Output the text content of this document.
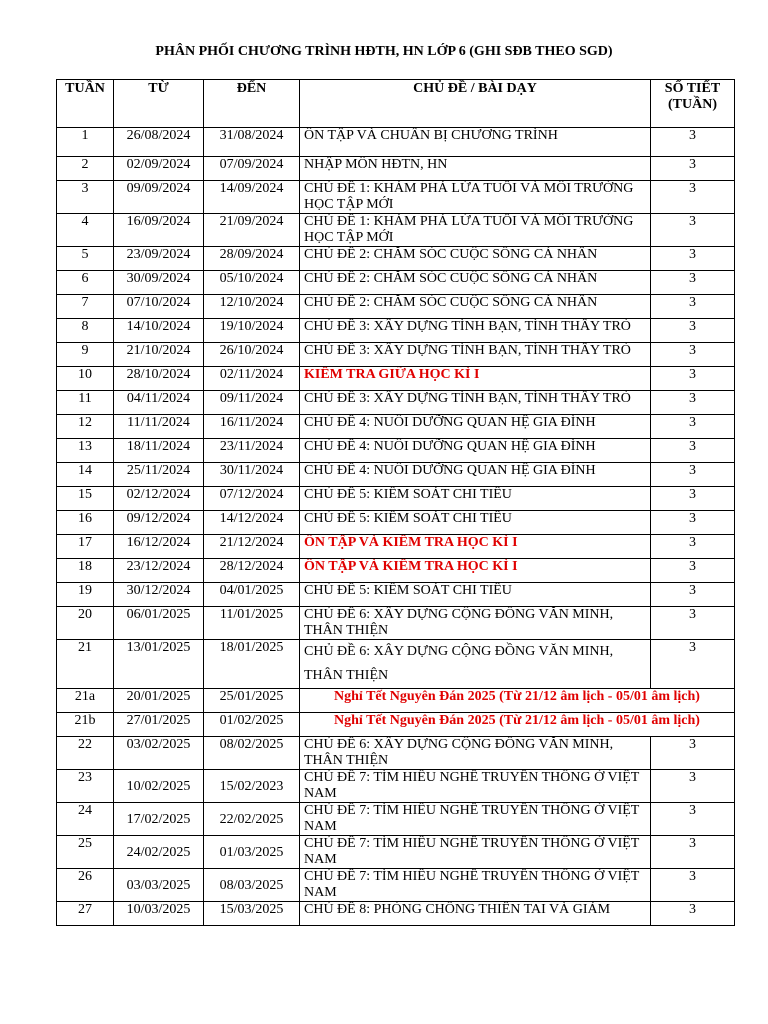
PHÂN PHỐI CHƯƠNG TRÌNH HĐTH, HN LỚP 6 (GHI SĐB THEO SGD)
TUẦN	TỪ	ĐẾN	CHỦ ĐỀ / BÀI DẠY	SỐ TIẾT
(TUẦN)

1	26/08/2024	31/08/2024	ÔN TẬP VÀ CHUẨN BỊ CHƯƠNG TRÌNH	3
2	02/09/2024	07/09/2024	NHẬP MÔN HĐTN, HN	3
3	09/09/2024	14/09/2024	CHỦ ĐỀ 1: KHÁM PHÁ LỨA TUỔI VÀ MÔI TRƯỜNG HỌC TẬP MỚI	3
4	16/09/2024	21/09/2024	CHỦ ĐỀ 1: KHÁM PHÁ LỨA TUỔI VÀ MÔI TRƯỜNG HỌC TẬP MỚI	3
5	23/09/2024	28/09/2024	CHỦ ĐỀ 2: CHĂM SÓC CUỘC SỐNG CÁ NHÂN	3
6	30/09/2024	05/10/2024	CHỦ ĐỀ 2: CHĂM SÓC CUỘC SỐNG CÁ NHÂN	3
7	07/10/2024	12/10/2024	CHỦ ĐỀ 2: CHĂM SÓC CUỘC SỐNG CÁ NHÂN	3
8	14/10/2024	19/10/2024	CHỦ ĐỀ 3: XÂY DỰNG TÌNH BẠN, TÌNH THẦY TRÒ	3
9	21/10/2024	26/10/2024	CHỦ ĐỀ 3: XÂY DỰNG TÌNH BẠN, TÌNH THẦY TRÒ	3
10	28/10/2024	02/11/2024	KIỂM TRA GIỮA HỌC KÌ I	3
11	04/11/2024	09/11/2024	CHỦ ĐỀ 3: XÂY DỰNG TÌNH BẠN, TÌNH THẦY TRÒ	3
12	11/11/2024	16/11/2024	CHỦ ĐỀ 4: NUÔI DƯỠNG QUAN HỆ GIA ĐÌNH	3
13	18/11/2024	23/11/2024	CHỦ ĐỀ 4: NUÔI DƯỠNG QUAN HỆ GIA ĐÌNH	3
14	25/11/2024	30/11/2024	CHỦ ĐỀ 4: NUÔI DƯỠNG QUAN HỆ GIA ĐÌNH	3
15	02/12/2024	07/12/2024	CHỦ ĐỀ 5: KIỂM SOÁT CHI TIÊU	3
16	09/12/2024	14/12/2024	CHỦ ĐỀ 5: KIỂM SOÁT CHI TIÊU	3
17	16/12/2024	21/12/2024	ÔN TẬP VÀ KIỂM TRA HỌC KÌ I	3
18	23/12/2024	28/12/2024	ÔN TẬP VÀ KIỂM TRA HỌC KÌ I	3
19	30/12/2024	04/01/2025	CHỦ ĐỀ 5: KIỂM SOÁT CHI TIÊU	3
20	06/01/2025	11/01/2025	CHỦ ĐỀ 6: XÂY DỰNG CỘNG ĐỒNG VĂN MINH, THÂN THIỆN	3
21	13/01/2025	18/01/2025	CHỦ ĐỀ 6: XÂY DỰNG CỘNG ĐỒNG VĂN MINH, THÂN THIỆN	3
21a	20/01/2025	25/01/2025	Nghỉ Tết Nguyên Đán 2025 (Từ 21/12 âm lịch - 05/01 âm lịch)	
21b	27/01/2025	01/02/2025	Nghỉ Tết Nguyên Đán 2025 (Từ 21/12 âm lịch - 05/01 âm lịch)	
22	03/02/2025	08/02/2025	CHỦ ĐỀ 6: XÂY DỰNG CỘNG ĐỒNG VĂN MINH, THÂN THIỆN	3
23	10/02/2025	15/02/2023	CHỦ ĐỀ 7: TÌM HIỂU NGHỀ TRUYỀN THỐNG Ở VIỆT NAM	3
24	17/02/2025	22/02/2025	CHỦ ĐỀ 7: TÌM HIỂU NGHỀ TRUYỀN THỐNG Ở VIỆT NAM	3
25	24/02/2025	01/03/2025	CHỦ ĐỀ 7: TÌM HIỂU NGHỀ TRUYỀN THỐNG Ở VIỆT NAM	3
26	03/03/2025	08/03/2025	CHỦ ĐỀ 7: TÌM HIỂU NGHỀ TRUYỀN THỐNG Ở VIỆT NAM	3
27	10/03/2025	15/03/2025	CHỦ ĐỀ 8: PHÒNG CHỐNG THIÊN TAI VÀ GIẢM	3
